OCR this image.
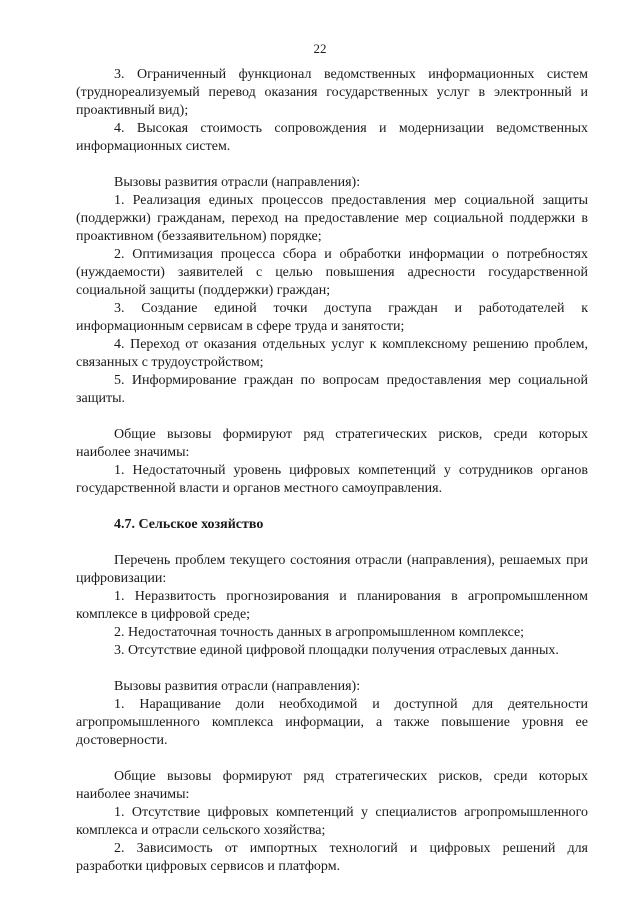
22

3. Ограниченный функционал ведомственных информационных систем (труднореализуемый перевод оказания государственных услуг в электронный и проактивный вид);

4. Высокая стоимость сопровождения и модернизации ведомственных информационных систем.

Вызовы развития отрасли (направления):

1. Реализация единых процессов предоставления мер социальной защиты (поддержки) гражданам, переход на предоставление мер социальной поддержки в проактивном (беззаявительном) порядке;

2. Оптимизация процесса сбора и обработки информации о потребностях (нуждаемости) заявителей с целью повышения адресности государственной социальной защиты (поддержки) граждан;

3. Создание единой точки доступа граждан и работодателей к информационным сервисам в сфере труда и занятости;

4. Переход от оказания отдельных услуг к комплексному решению проблем, связанных с трудоустройством;

5. Информирование граждан по вопросам предоставления мер социальной защиты.

Общие вызовы формируют ряд стратегических рисков, среди которых наиболее значимы:

1. Недостаточный уровень цифровых компетенций у сотрудников органов государственной власти и органов местного самоуправления.

4.7. Сельское хозяйство

Перечень проблем текущего состояния отрасли (направления), решаемых при цифровизации:

1. Неразвитость прогнозирования и планирования в агропромышленном комплексе в цифровой среде;

2. Недостаточная точность данных в агропромышленном комплексе;

3. Отсутствие единой цифровой площадки получения отраслевых данных.

Вызовы развития отрасли (направления):

1. Наращивание доли необходимой и доступной для деятельности агропромышленного комплекса информации, а также повышение уровня ее достоверности.

Общие вызовы формируют ряд стратегических рисков, среди которых наиболее значимы:

1. Отсутствие цифровых компетенций у специалистов агропромышленного комплекса и отрасли сельского хозяйства;

2. Зависимость от импортных технологий и цифровых решений для разработки цифровых сервисов и платформ.
